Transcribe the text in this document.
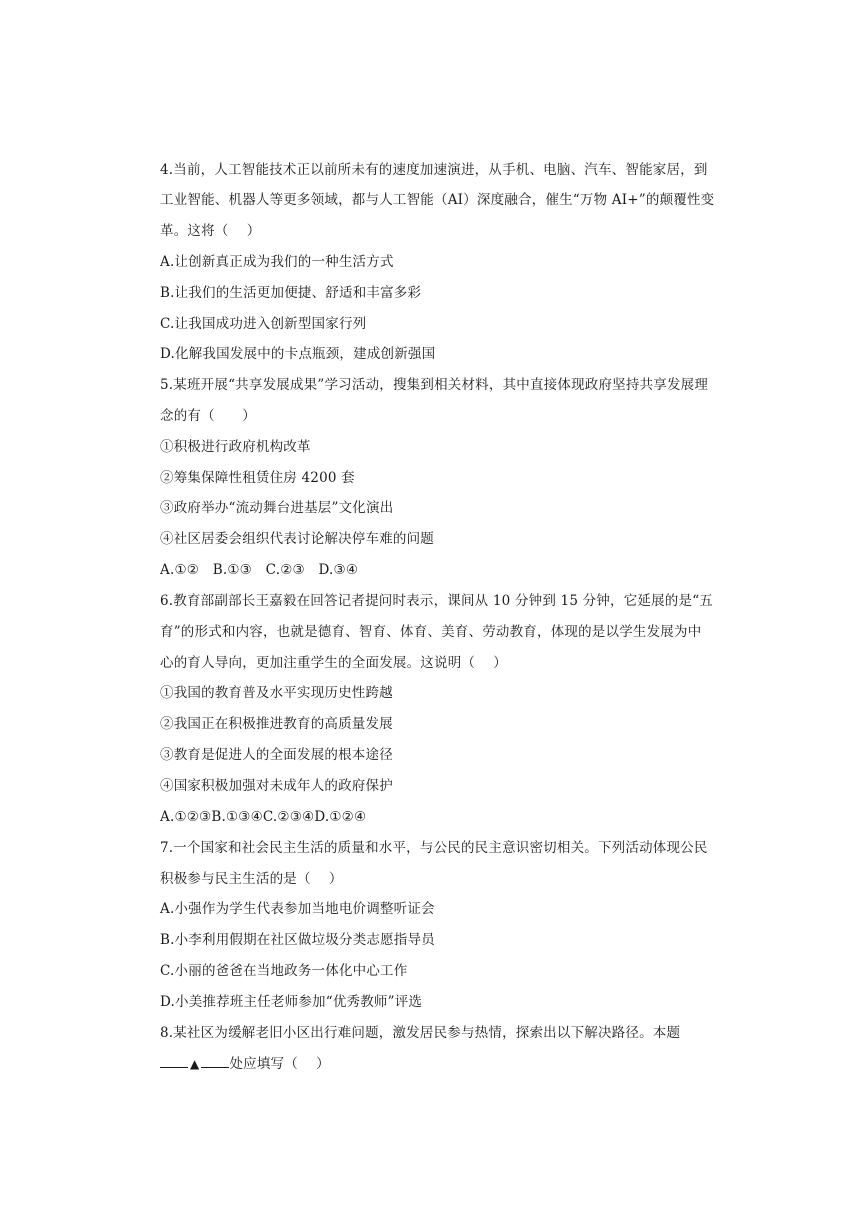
4.当前，人工智能技术正以前所未有的速度加速演进，从手机、电脑、汽车、智能家居，到
工业智能、机器人等更多领域，都与人工智能（AI）深度融合，催生“万物 AI+”的颠覆性变
革。这将（　 ）
A.让创新真正成为我们的一种生活方式
B.让我们的生活更加便捷、舒适和丰富多彩
C.让我国成功进入创新型国家行列
D.化解我国发展中的卡点瓶颈，建成创新强国
5.某班开展“共享发展成果”学习活动，搜集到相关材料，其中直接体现政府坚持共享发展理
念的有（　　）
①积极进行政府机构改革
②筹集保障性租赁住房 4200 套
③政府举办“流动舞台进基层”文化演出
④社区居委会组织代表讨论解决停车难的问题
A.①②　B.①③　C.②③　D.③④
6.教育部副部长王嘉毅在回答记者提问时表示，课间从 10 分钟到 15 分钟，它延展的是“五
育”的形式和内容，也就是德育、智育、体育、美育、劳动教育，体现的是以学生发展为中
心的育人导向，更加注重学生的全面发展。这说明（　 ）
①我国的教育普及水平实现历史性跨越
②我国正在积极推进教育的高质量发展
③教育是促进人的全面发展的根本途径
④国家积极加强对未成年人的政府保护
A.①②③B.①③④C.②③④D.①②④
7.一个国家和社会民主生活的质量和水平，与公民的民主意识密切相关。下列活动体现公民
积极参与民主生活的是（　 ）
A.小强作为学生代表参加当地电价调整听证会
B.小李利用假期在社区做垃圾分类志愿指导员
C.小丽的爸爸在当地政务一体化中心工作
D.小美推荐班主任老师参加“优秀教师”评选
8.某社区为缓解老旧小区出行难问题，激发居民参与热情，探索出以下解决路径。本题
▲ 处应填写（　 ）
